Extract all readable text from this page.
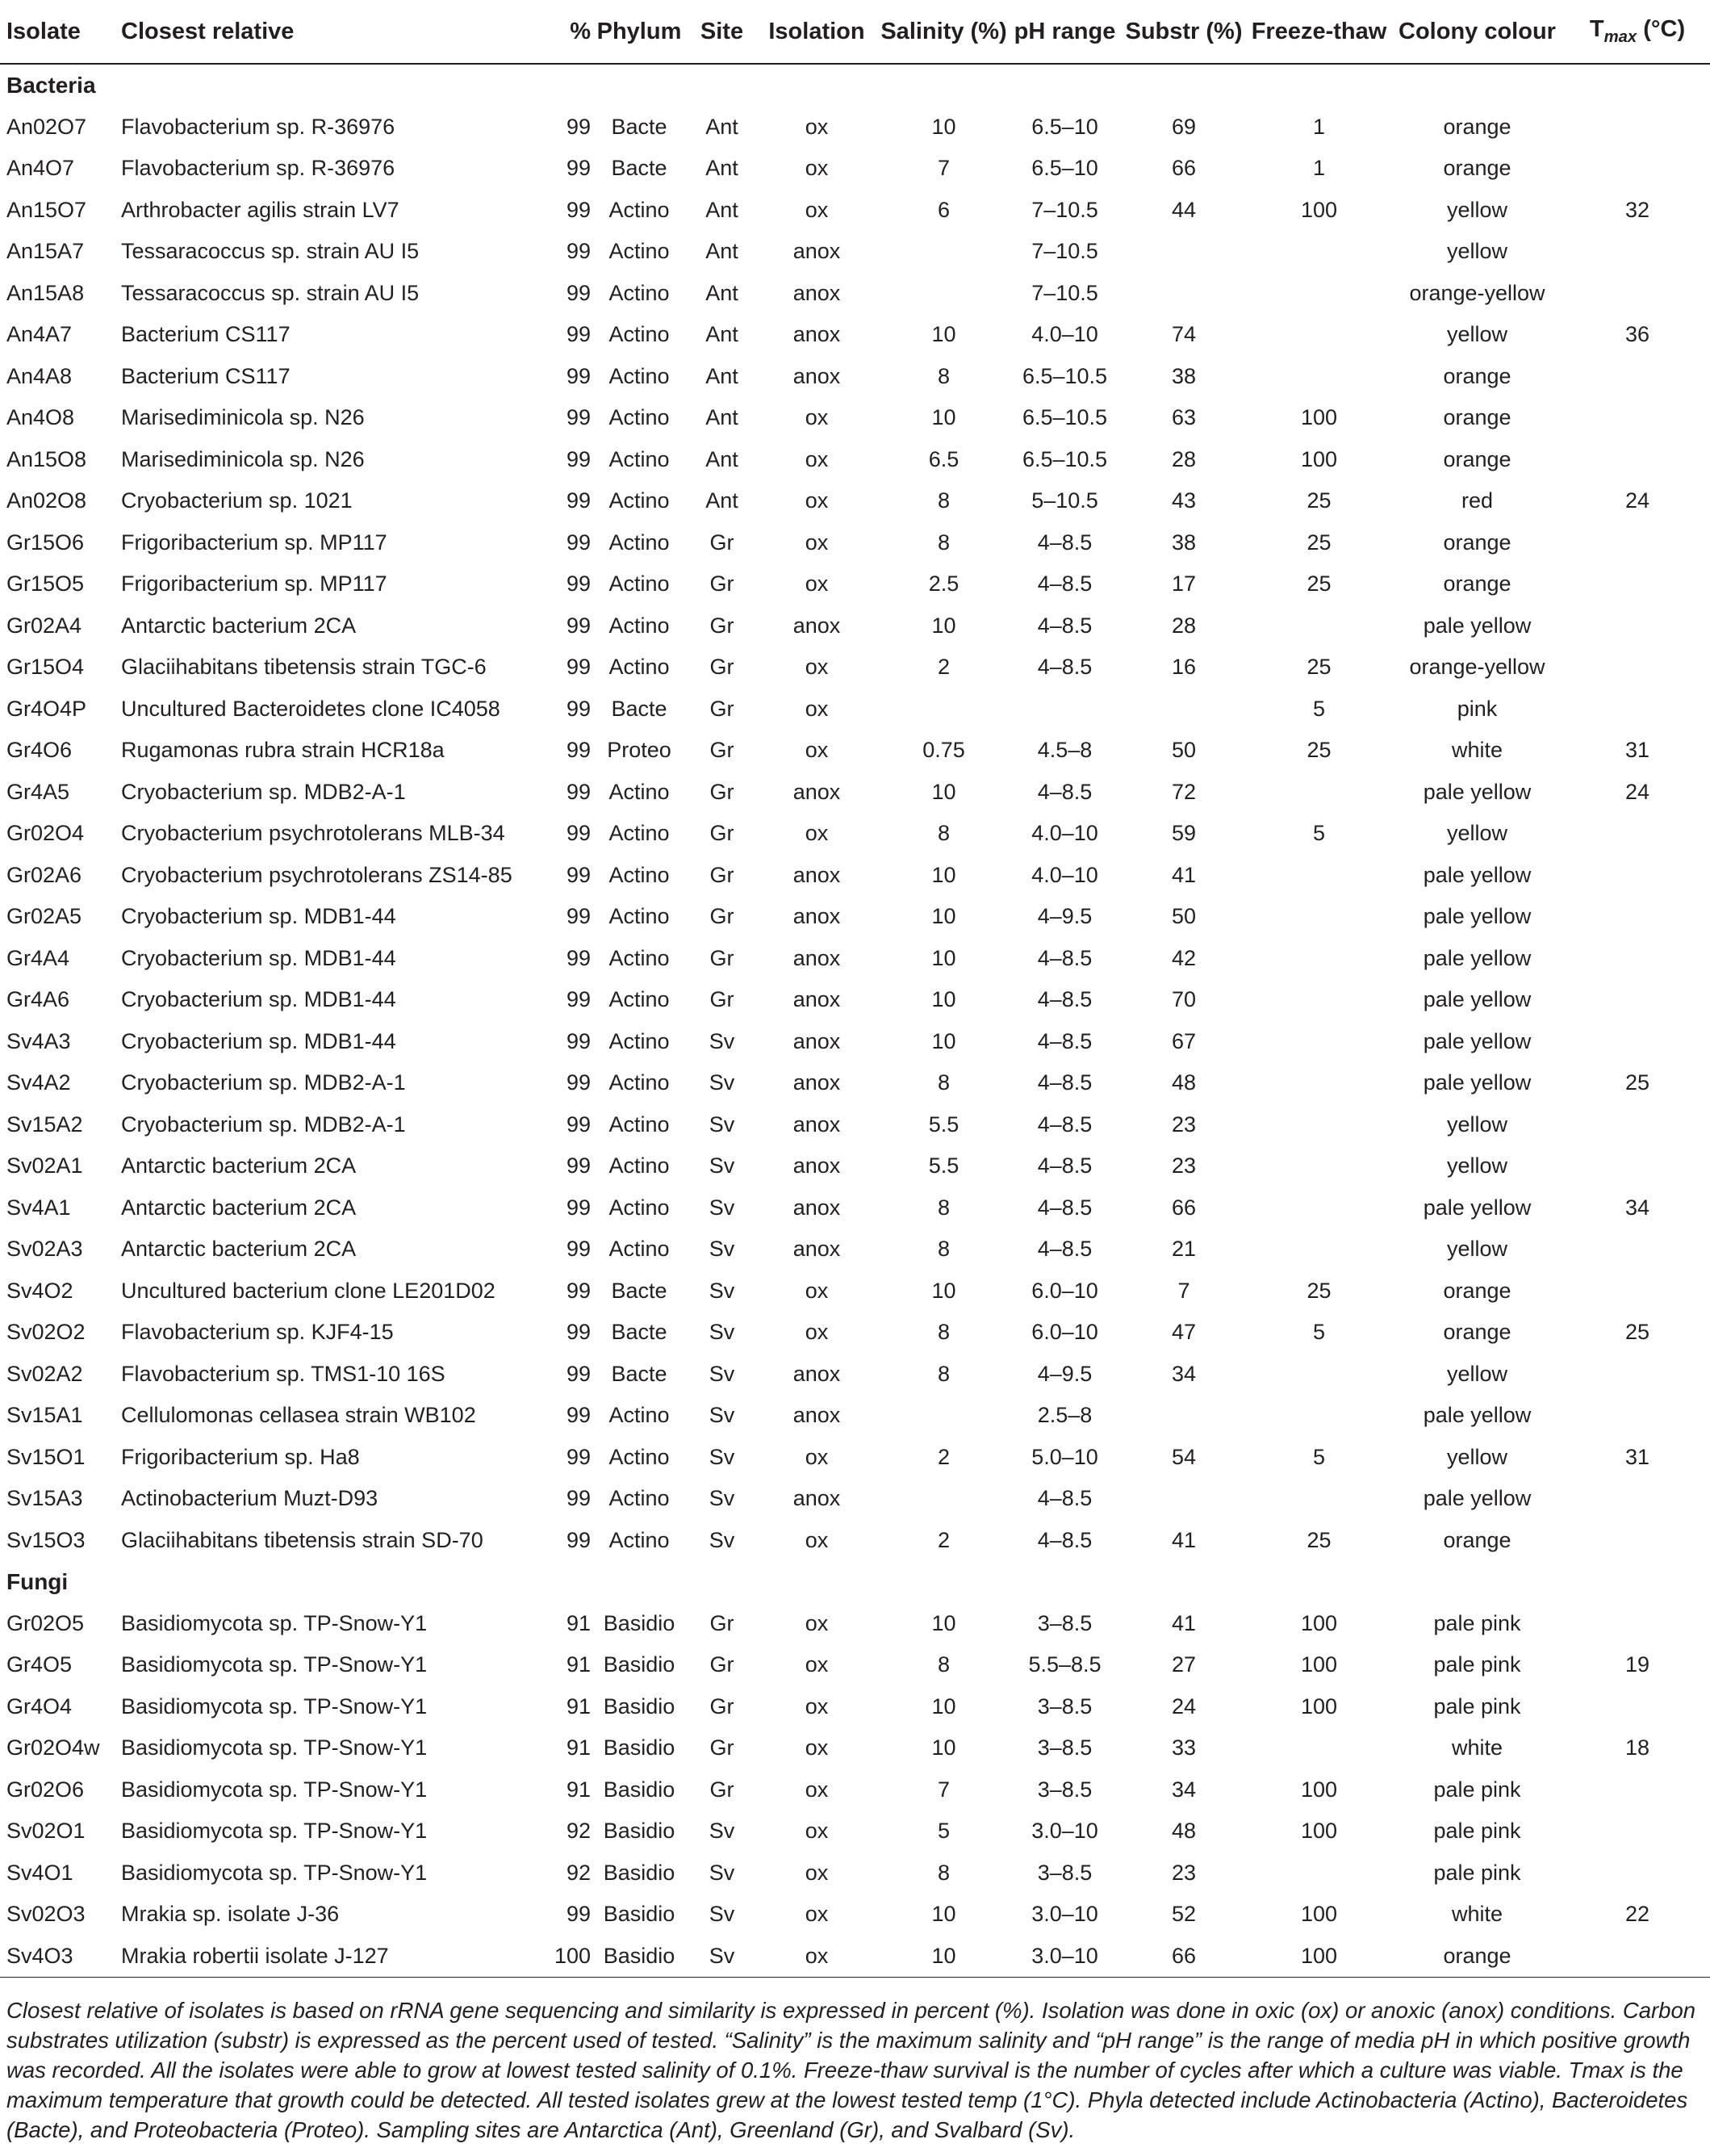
Isolate	Closest relative	%	Phylum	Site	Isolation	Salinity (%)	pH range	Substr (%)	Freeze-thaw	Colony colour	$T_{max}$ (°C)
Bacteria											
An02O7	Flavobacterium sp. R-36976	99	Bacte	Ant	ox	10	6.5–10	69	1	orange	
An4O7	Flavobacterium sp. R-36976	99	Bacte	Ant	ox	7	6.5–10	66	1	orange	
An15O7	Arthrobacter agilis strain LV7	99	Actino	Ant	ox	6	7–10.5	44	100	yellow	32
An15A7	Tessaracoccus sp. strain AU I5	99	Actino	Ant	anox		7–10.5			yellow	
An15A8	Tessaracoccus sp. strain AU I5	99	Actino	Ant	anox		7–10.5			orange-yellow	
An4A7	Bacterium CS117	99	Actino	Ant	anox	10	4.0–10	74		yellow	36
An4A8	Bacterium CS117	99	Actino	Ant	anox	8	6.5–10.5	38		orange	
An4O8	Marisediminicola sp. N26	99	Actino	Ant	ox	10	6.5–10.5	63	100	orange	
An15O8	Marisediminicola sp. N26	99	Actino	Ant	ox	6.5	6.5–10.5	28	100	orange	
An02O8	Cryobacterium sp. 1021	99	Actino	Ant	ox	8	5–10.5	43	25	red	24
Gr15O6	Frigoribacterium sp. MP117	99	Actino	Gr	ox	8	4–8.5	38	25	orange	
Gr15O5	Frigoribacterium sp. MP117	99	Actino	Gr	ox	2.5	4–8.5	17	25	orange	
Gr02A4	Antarctic bacterium 2CA	99	Actino	Gr	anox	10	4–8.5	28		pale yellow	
Gr15O4	Glaciihabitans tibetensis strain TGC-6	99	Actino	Gr	ox	2	4–8.5	16	25	orange-yellow	
Gr4O4P	Uncultured Bacteroidetes clone IC4058	99	Bacte	Gr	ox				5	pink	
Gr4O6	Rugamonas rubra strain HCR18a	99	Proteo	Gr	ox	0.75	4.5–8	50	25	white	31
Gr4A5	Cryobacterium sp. MDB2-A-1	99	Actino	Gr	anox	10	4–8.5	72		pale yellow	24
Gr02O4	Cryobacterium psychrotolerans MLB-34	99	Actino	Gr	ox	8	4.0–10	59	5	yellow	
Gr02A6	Cryobacterium psychrotolerans ZS14-85	99	Actino	Gr	anox	10	4.0–10	41		pale yellow	
Gr02A5	Cryobacterium sp. MDB1-44	99	Actino	Gr	anox	10	4–9.5	50		pale yellow	
Gr4A4	Cryobacterium sp. MDB1-44	99	Actino	Gr	anox	10	4–8.5	42		pale yellow	
Gr4A6	Cryobacterium sp. MDB1-44	99	Actino	Gr	anox	10	4–8.5	70		pale yellow	
Sv4A3	Cryobacterium sp. MDB1-44	99	Actino	Sv	anox	10	4–8.5	67		pale yellow	
Sv4A2	Cryobacterium sp. MDB2-A-1	99	Actino	Sv	anox	8	4–8.5	48		pale yellow	25
Sv15A2	Cryobacterium sp. MDB2-A-1	99	Actino	Sv	anox	5.5	4–8.5	23		yellow	
Sv02A1	Antarctic bacterium 2CA	99	Actino	Sv	anox	5.5	4–8.5	23		yellow	
Sv4A1	Antarctic bacterium 2CA	99	Actino	Sv	anox	8	4–8.5	66		pale yellow	34
Sv02A3	Antarctic bacterium 2CA	99	Actino	Sv	anox	8	4–8.5	21		yellow	
Sv4O2	Uncultured bacterium clone LE201D02	99	Bacte	Sv	ox	10	6.0–10	7	25	orange	
Sv02O2	Flavobacterium sp. KJF4-15	99	Bacte	Sv	ox	8	6.0–10	47	5	orange	25
Sv02A2	Flavobacterium sp. TMS1-10 16S	99	Bacte	Sv	anox	8	4–9.5	34		yellow	
Sv15A1	Cellulomonas cellasea strain WB102	99	Actino	Sv	anox		2.5–8			pale yellow	
Sv15O1	Frigoribacterium sp. Ha8	99	Actino	Sv	ox	2	5.0–10	54	5	yellow	31
Sv15A3	Actinobacterium Muzt-D93	99	Actino	Sv	anox		4–8.5			pale yellow	
Sv15O3	Glaciihabitans tibetensis strain SD-70	99	Actino	Sv	ox	2	4–8.5	41	25	orange	
Fungi											
Gr02O5	Basidiomycota sp. TP-Snow-Y1	91	Basidio	Gr	ox	10	3–8.5	41	100	pale pink	
Gr4O5	Basidiomycota sp. TP-Snow-Y1	91	Basidio	Gr	ox	8	5.5–8.5	27	100	pale pink	19
Gr4O4	Basidiomycota sp. TP-Snow-Y1	91	Basidio	Gr	ox	10	3–8.5	24	100	pale pink	
Gr02O4w	Basidiomycota sp. TP-Snow-Y1	91	Basidio	Gr	ox	10	3–8.5	33		white	18
Gr02O6	Basidiomycota sp. TP-Snow-Y1	91	Basidio	Gr	ox	7	3–8.5	34	100	pale pink	
Sv02O1	Basidiomycota sp. TP-Snow-Y1	92	Basidio	Sv	ox	5	3.0–10	48	100	pale pink	
Sv4O1	Basidiomycota sp. TP-Snow-Y1	92	Basidio	Sv	ox	8	3–8.5	23		pale pink	
Sv02O3	Mrakia sp. isolate J-36	99	Basidio	Sv	ox	10	3.0–10	52	100	white	22
Sv4O3	Mrakia robertii isolate J-127	100	Basidio	Sv	ox	10	3.0–10	66	100	orange	
Closest relative of isolates is based on rRNA gene sequencing and similarity is expressed in percent (%). Isolation was done in oxic (ox) or anoxic (anox) conditions. Carbon substrates utilization (substr) is expressed as the percent used of tested. “Salinity” is the maximum salinity and “pH range” is the range of media pH in which positive growth was recorded. All the isolates were able to grow at lowest tested salinity of 0.1%. Freeze-thaw survival is the number of cycles after which a culture was viable. Tmax is the maximum temperature that growth could be detected. All tested isolates grew at the lowest tested temp (1°C). Phyla detected include Actinobacteria (Actino), Bacteroidetes (Bacte), and Proteobacteria (Proteo). Sampling sites are Antarctica (Ant), Greenland (Gr), and Svalbard (Sv).
